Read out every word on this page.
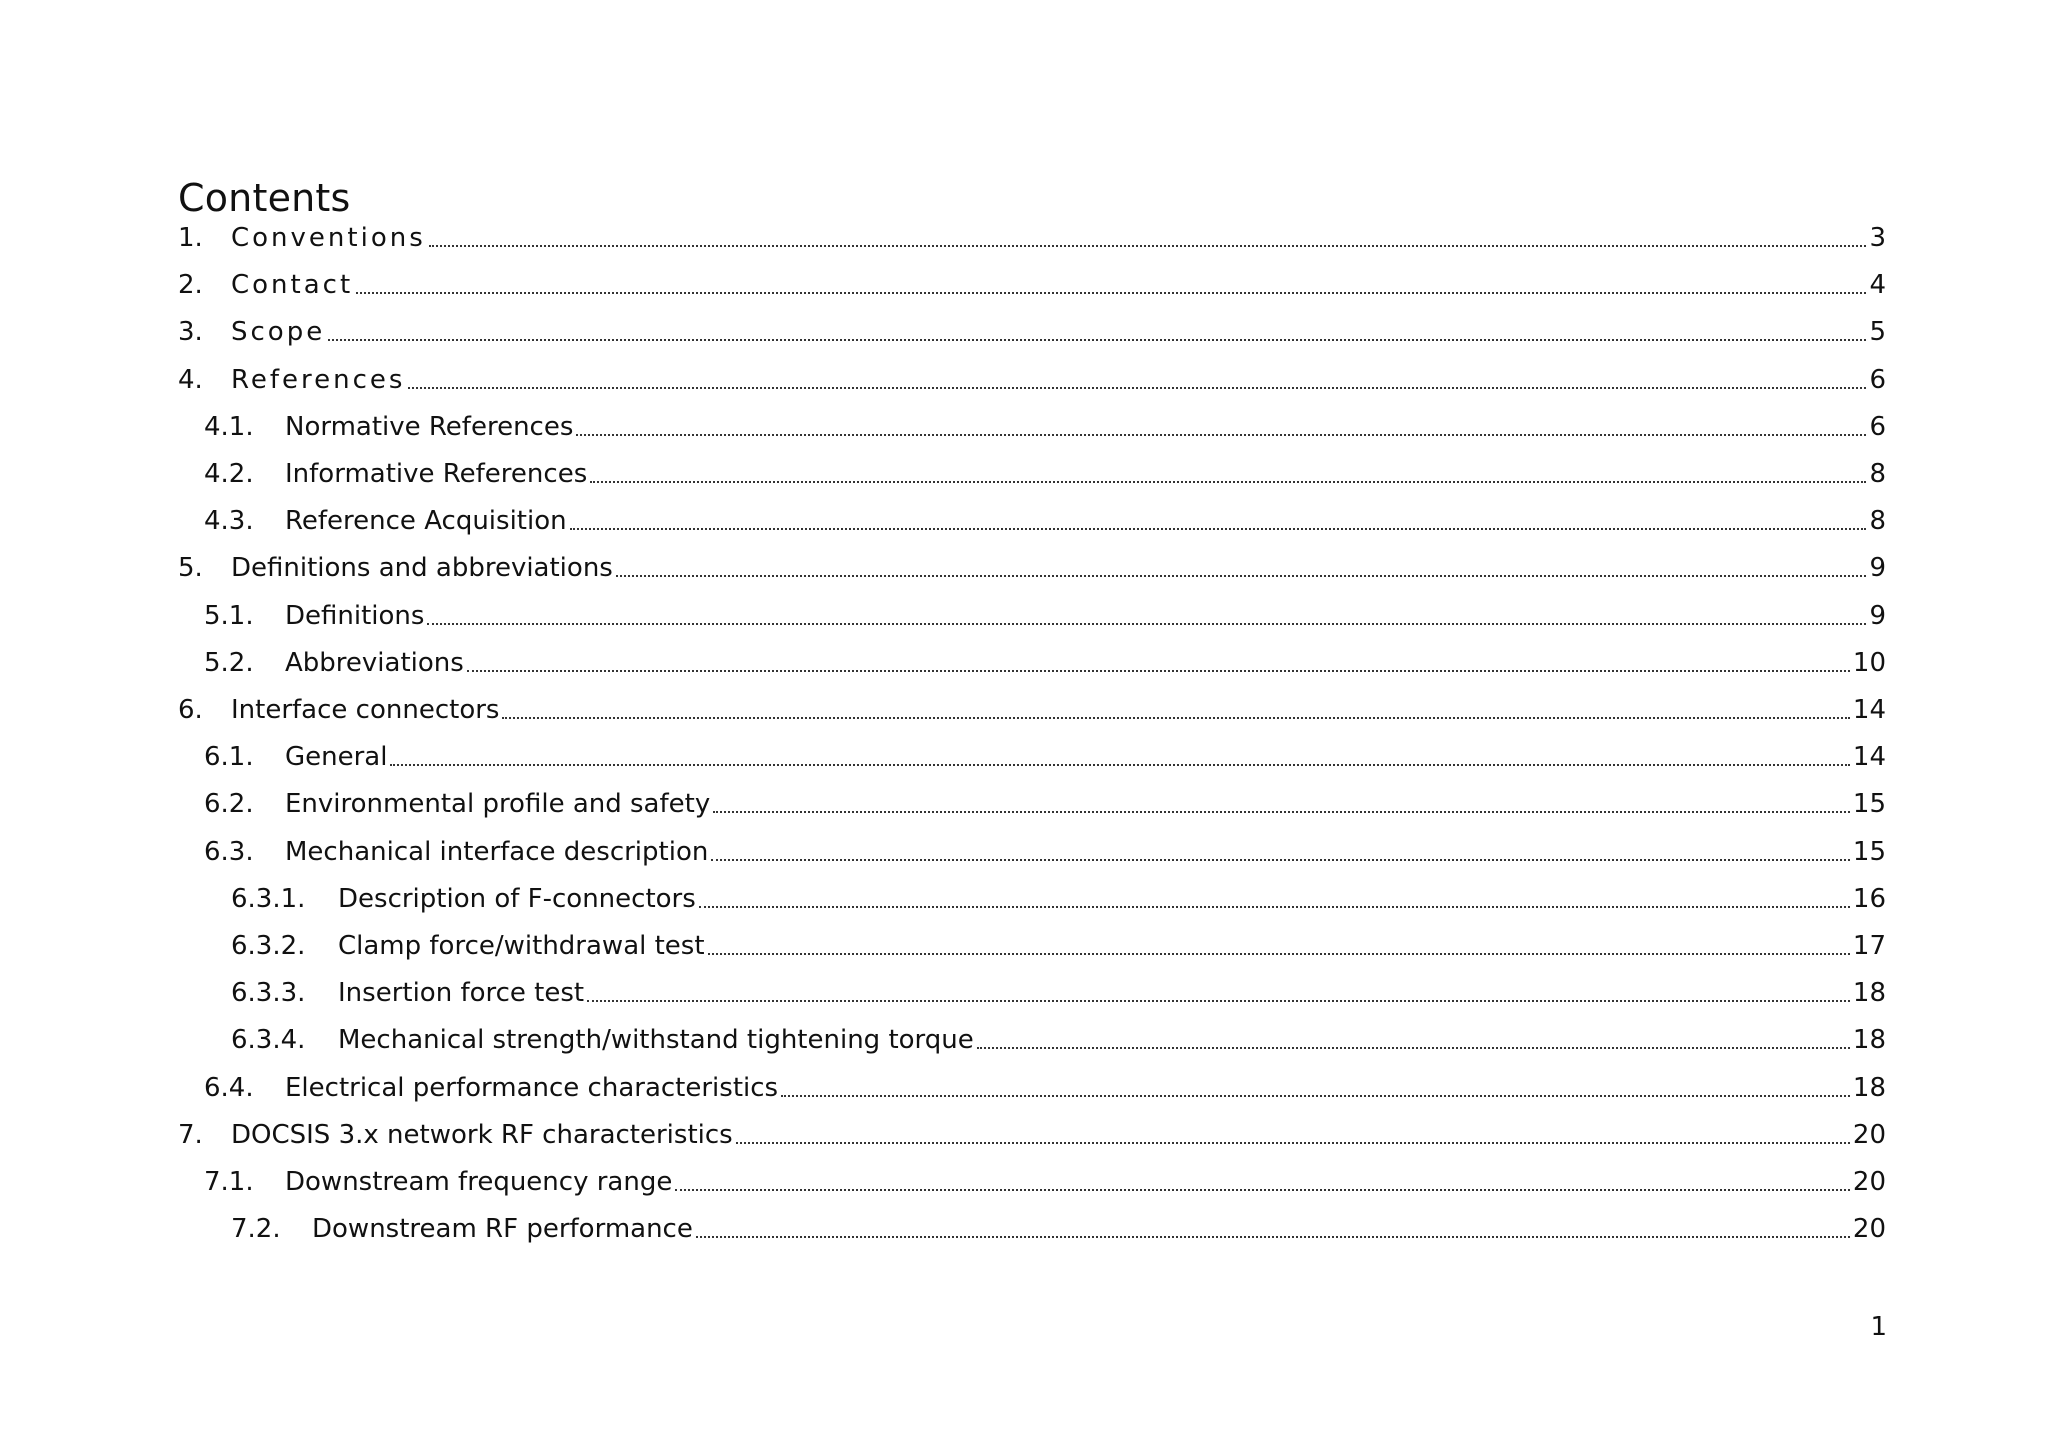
Contents
1.	Conventions	3
2.	Contact	4
3.	Scope	5
4.	References	6
4.1.	Normative References	6
4.2.	Informative References	8
4.3.	Reference Acquisition	8
5.	Definitions and abbreviations	9
5.1.	Definitions	9
5.2.	Abbreviations	10
6.	Interface connectors	14
6.1.	General	14
6.2.	Environmental profile and safety	15
6.3.	Mechanical interface description	15
6.3.1.	Description of F-connectors	16
6.3.2.	Clamp force/withdrawal test	17
6.3.3.	Insertion force test	18
6.3.4.	Mechanical strength/withstand tightening torque	18
6.4.	Electrical performance characteristics	18
7.	DOCSIS 3.x network RF characteristics	20
7.1.	Downstream frequency range	20
7.2.	Downstream RF performance	20
1
